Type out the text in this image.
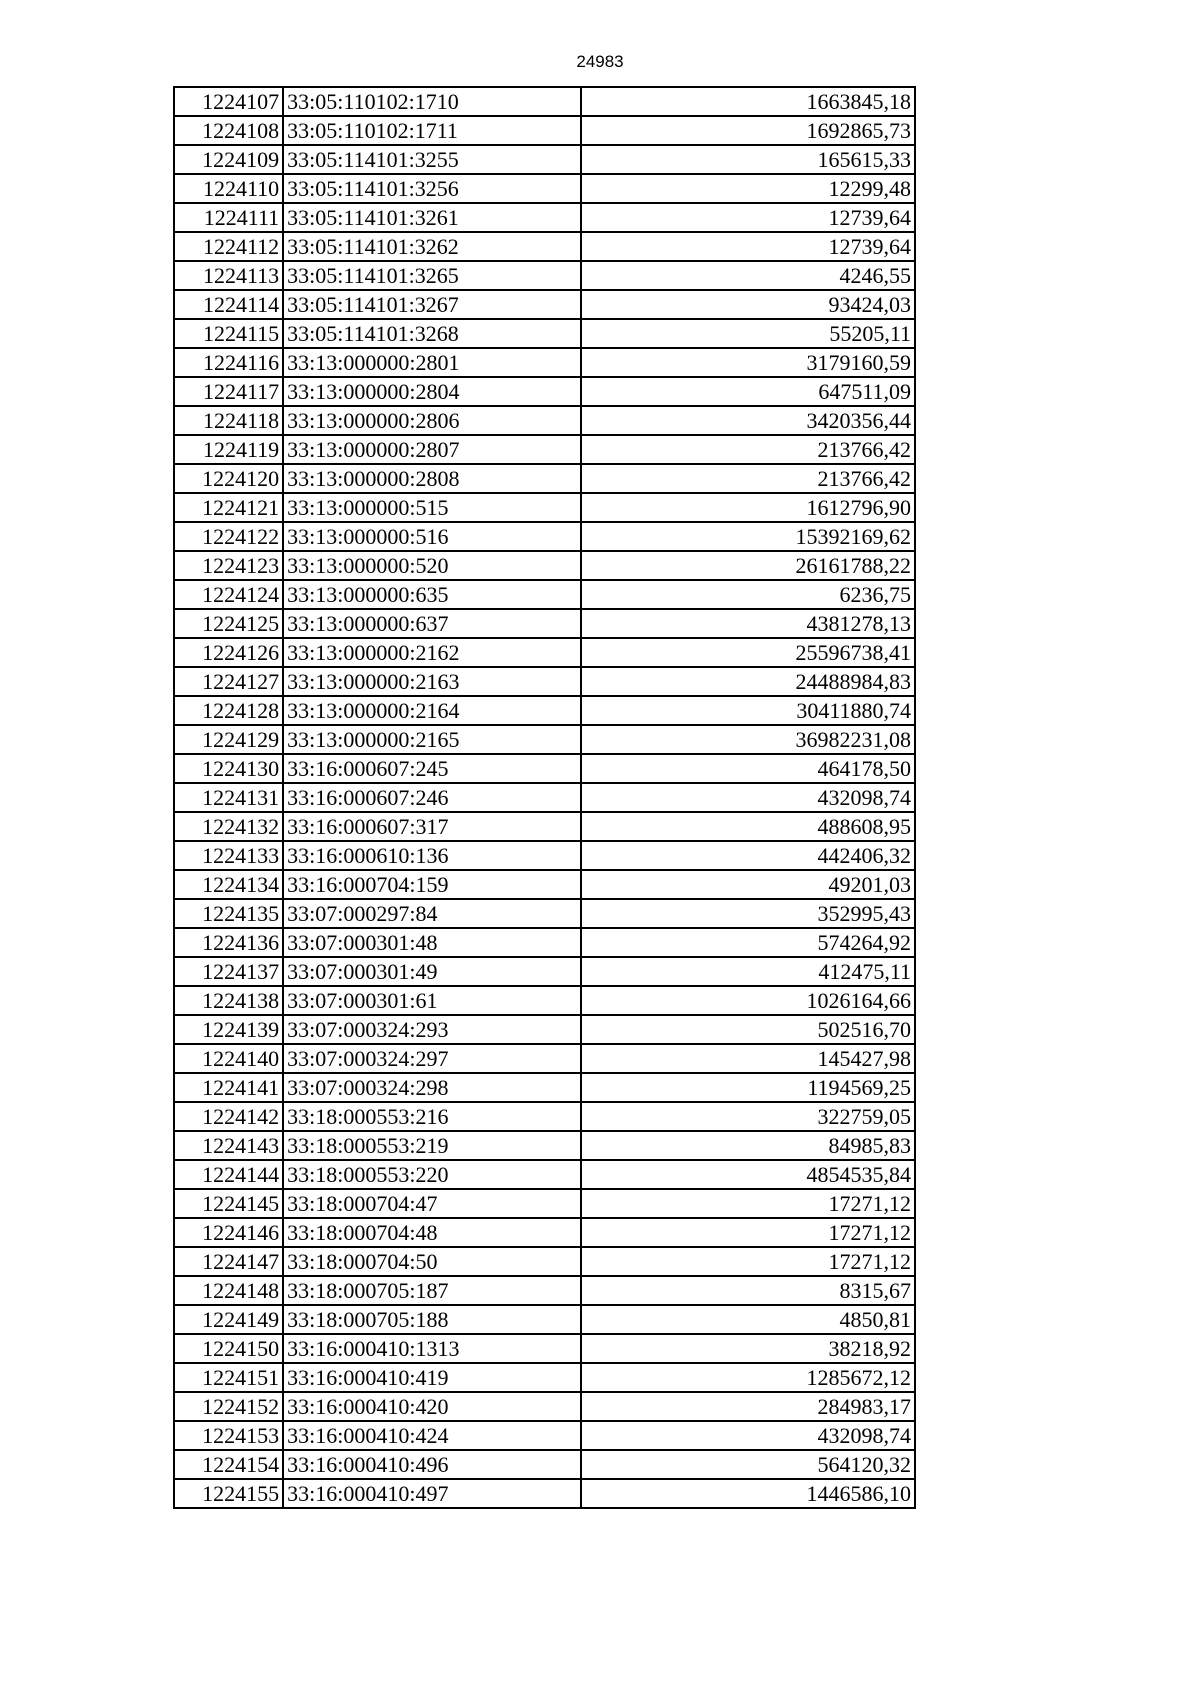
24983
1224107	33:05:110102:1710	1663845,18
1224108	33:05:110102:1711	1692865,73
1224109	33:05:114101:3255	165615,33
1224110	33:05:114101:3256	12299,48
1224111	33:05:114101:3261	12739,64
1224112	33:05:114101:3262	12739,64
1224113	33:05:114101:3265	4246,55
1224114	33:05:114101:3267	93424,03
1224115	33:05:114101:3268	55205,11
1224116	33:13:000000:2801	3179160,59
1224117	33:13:000000:2804	647511,09
1224118	33:13:000000:2806	3420356,44
1224119	33:13:000000:2807	213766,42
1224120	33:13:000000:2808	213766,42
1224121	33:13:000000:515	1612796,90
1224122	33:13:000000:516	15392169,62
1224123	33:13:000000:520	26161788,22
1224124	33:13:000000:635	6236,75
1224125	33:13:000000:637	4381278,13
1224126	33:13:000000:2162	25596738,41
1224127	33:13:000000:2163	24488984,83
1224128	33:13:000000:2164	30411880,74
1224129	33:13:000000:2165	36982231,08
1224130	33:16:000607:245	464178,50
1224131	33:16:000607:246	432098,74
1224132	33:16:000607:317	488608,95
1224133	33:16:000610:136	442406,32
1224134	33:16:000704:159	49201,03
1224135	33:07:000297:84	352995,43
1224136	33:07:000301:48	574264,92
1224137	33:07:000301:49	412475,11
1224138	33:07:000301:61	1026164,66
1224139	33:07:000324:293	502516,70
1224140	33:07:000324:297	145427,98
1224141	33:07:000324:298	1194569,25
1224142	33:18:000553:216	322759,05
1224143	33:18:000553:219	84985,83
1224144	33:18:000553:220	4854535,84
1224145	33:18:000704:47	17271,12
1224146	33:18:000704:48	17271,12
1224147	33:18:000704:50	17271,12
1224148	33:18:000705:187	8315,67
1224149	33:18:000705:188	4850,81
1224150	33:16:000410:1313	38218,92
1224151	33:16:000410:419	1285672,12
1224152	33:16:000410:420	284983,17
1224153	33:16:000410:424	432098,74
1224154	33:16:000410:496	564120,32
1224155	33:16:000410:497	1446586,10
